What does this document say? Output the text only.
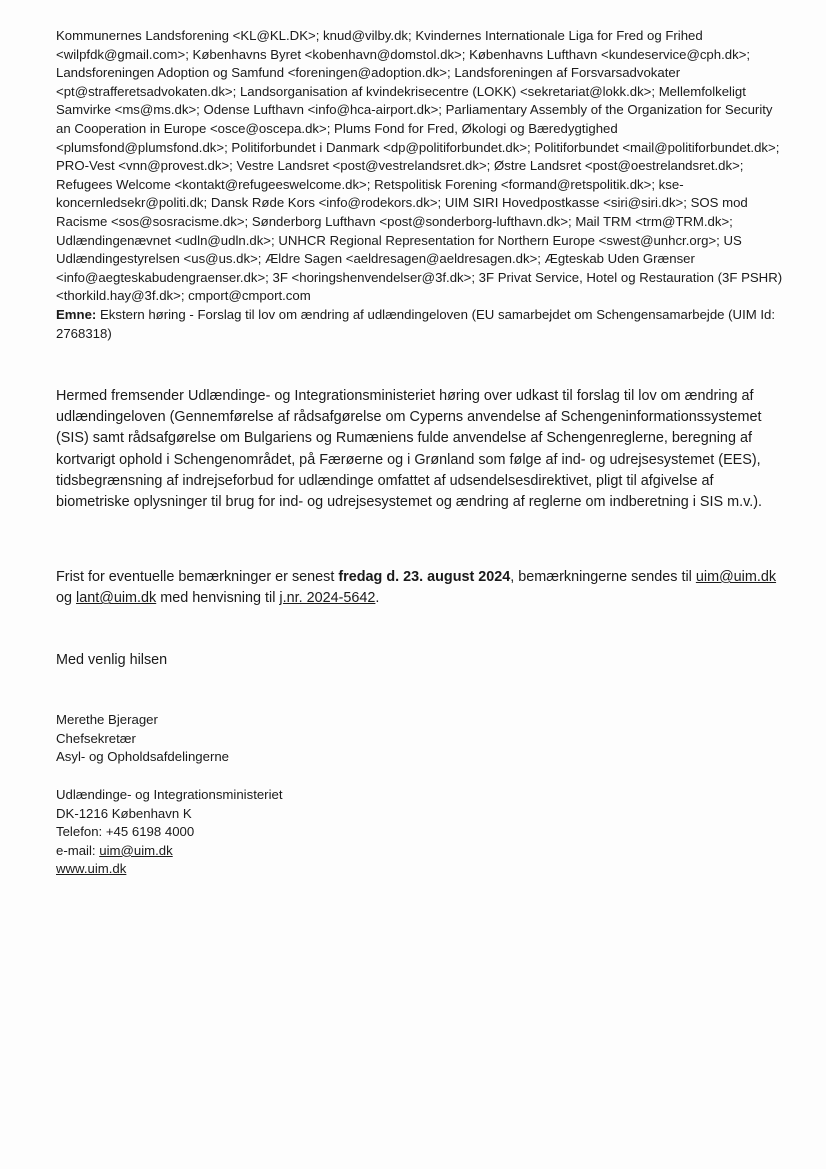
Kommunernes Landsforening <KL@KL.DK>; knud@vilby.dk; Kvindernes Internationale Liga for Fred og Frihed <wilpfdk@gmail.com>; Københavns Byret <kobenhavn@domstol.dk>; Københavns Lufthavn <kundeservice@cph.dk>; Landsforeningen Adoption og Samfund <foreningen@adoption.dk>; Landsforeningen af Forsvarsadvokater <pt@strafferetsadvokaten.dk>; Landsorganisation af kvindekrisecentre (LOKK) <sekretariat@lokk.dk>; Mellemfolkeligt Samvirke <ms@ms.dk>; Odense Lufthavn <info@hca-airport.dk>; Parliamentary Assembly of the Organization for Security an Cooperation in Europe <osce@oscepa.dk>; Plums Fond for Fred, Økologi og Bæredygtighed <plumsfond@plumsfond.dk>; Politiforbundet i Danmark <dp@politiforbundet.dk>; Politiforbundet <mail@politiforbundet.dk>; PRO-Vest <vnn@provest.dk>; Vestre Landsret <post@vestrelandsret.dk>; Østre Landsret <post@oestrelandsret.dk>; Refugees Welcome <kontakt@refugeeswelcome.dk>; Retspolitisk Forening <formand@retspolitik.dk>; kse-koncernledsekr@politi.dk; Dansk Røde Kors <info@rodekors.dk>; UIM SIRI Hovedpostkasse <siri@siri.dk>; SOS mod Racisme <sos@sosracisme.dk>; Sønderborg Lufthavn <post@sonderborg-lufthavn.dk>; Mail TRM <trm@TRM.dk>; Udlændingenævnet <udln@udln.dk>; UNHCR Regional Representation for Northern Europe <swest@unhcr.org>; US Udlændingestyrelsen <us@us.dk>; Ældre Sagen <aeldresagen@aeldresagen.dk>; Ægteskab Uden Grænser <info@aegteskabudengraenser.dk>; 3F <horingshenvendelser@3f.dk>; 3F Privat Service, Hotel og Restauration (3F PSHR) <thorkild.hay@3f.dk>; cmport@cmport.com
Emne: Ekstern høring - Forslag til lov om ændring af udlændingeloven (EU samarbejdet om Schengensamarbejde (UIM Id: 2768318)

Hermed fremsender Udlændinge- og Integrationsministeriet høring over udkast til forslag til lov om ændring af udlændingeloven (Gennemførelse af rådsafgørelse om Cyperns anvendelse af Schengeninformationssystemet (SIS) samt rådsafgørelse om Bulgariens og Rumæniens fulde anvendelse af Schengenreglerne, beregning af kortvarigt ophold i Schengenområdet, på Færøerne og i Grønland som følge af ind- og udrejsesystemet (EES), tidsbegrænsning af indrejseforbud for udlændinge omfattet af udsendelsesdirektivet, pligt til afgivelse af biometriske oplysninger til brug for ind- og udrejsesystemet og ændring af reglerne om indberetning i SIS m.v.).

Frist for eventuelle bemærkninger er senest fredag d. 23. august 2024, bemærkningerne sendes til uim@uim.dk og lant@uim.dk med henvisning til j.nr. 2024-5642.

Med venlig hilsen

Merethe Bjerager
Chefsekretær
Asyl- og Opholdsafdelingerne
Udlændinge- og Integrationsministeriet
DK-1216 København K
Telefon: +45 6198 4000
e-mail: uim@uim.dk
www.uim.dk
